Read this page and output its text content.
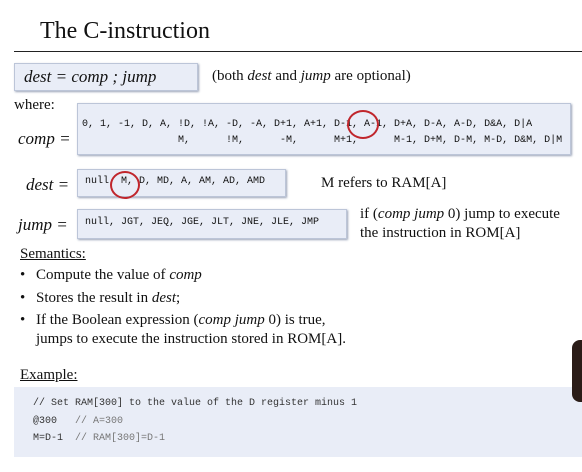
The C-instruction
dest = comp ; jump	(both dest and jump are optional)
where:
comp =
0, 1, -1, D, A, !D, !A, -D, -A, D+1, A+1, D-1, A-1, D+A, D-A, A-D, D&A, D|A
M,      !M,      -M,      M+1,      M-1, D+M, D-M, M-D, D&M, D|M
dest = null, M, D, MD, A, AM, AD, AMD	M refers to RAM[A]
jump = null, JGT, JEQ, JGE, JLT, JNE, JLE, JMP
if (comp jump 0) jump to execute
the instruction in ROM[A]
Semantics:
• Compute the value of comp
• Stores the result in dest;
• If the Boolean expression (comp jump 0) is true,
jumps to execute the instruction stored in ROM[A].
Example:
// Set RAM[300] to the value of the D register minus 1
@300 // A=300
M=D-1 // RAM[300]=D-1
